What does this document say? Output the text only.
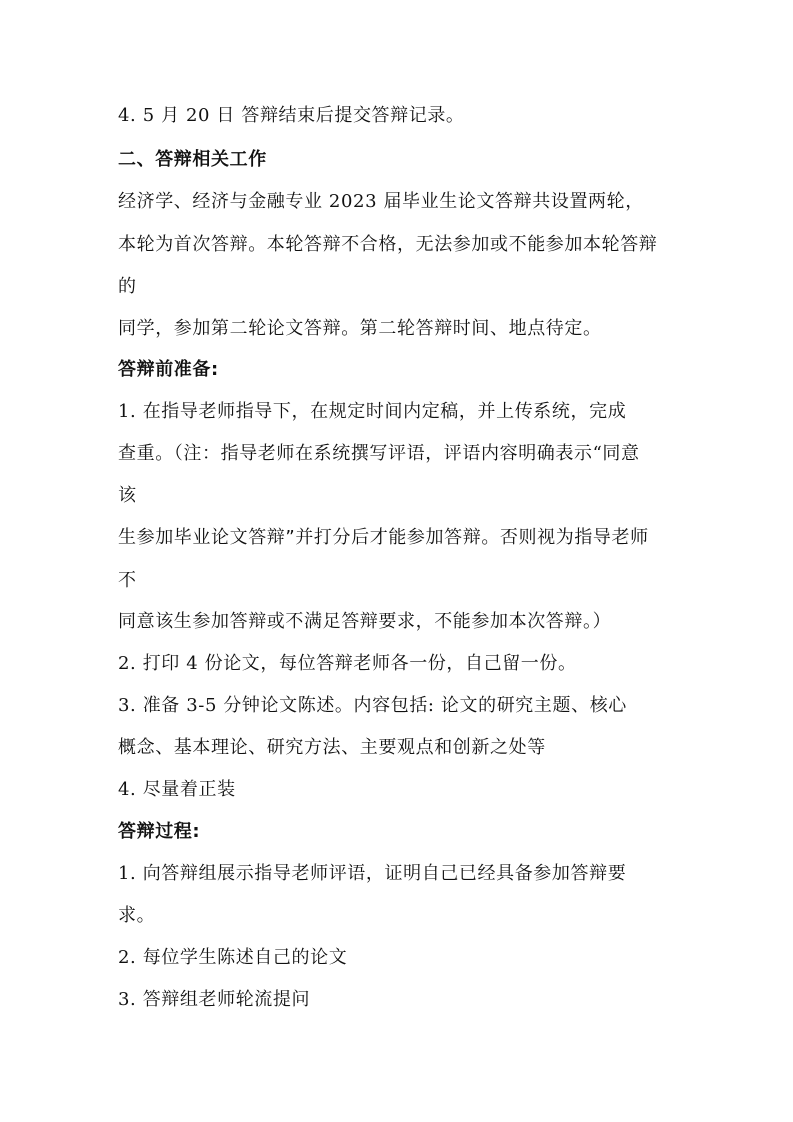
4. 5 月 20 日 答辩结束后提交答辩记录。
二、答辩相关工作
经济学、经济与金融专业 2023 届毕业生论文答辩共设置两轮，
本轮为首次答辩。本轮答辩不合格，无法参加或不能参加本轮答辩
的
同学，参加第二轮论文答辩。第二轮答辩时间、地点待定。
答辩前准备:
1. 在指导老师指导下，在规定时间内定稿，并上传系统，完成
查重。（注：指导老师在系统撰写评语，评语内容明确表示“同意
该
生参加毕业论文答辩”并打分后才能参加答辩。否则视为指导老师
不
同意该生参加答辩或不满足答辩要求，不能参加本次答辩。）
2. 打印 4 份论文，每位答辩老师各一份，自己留一份。
3. 准备 3-5 分钟论文陈述。内容包括: 论文的研究主题、核心
概念、基本理论、研究方法、主要观点和创新之处等
4. 尽量着正装
答辩过程:
1. 向答辩组展示指导老师评语，证明自己已经具备参加答辩要
求。
2. 每位学生陈述自己的论文
3. 答辩组老师轮流提问
